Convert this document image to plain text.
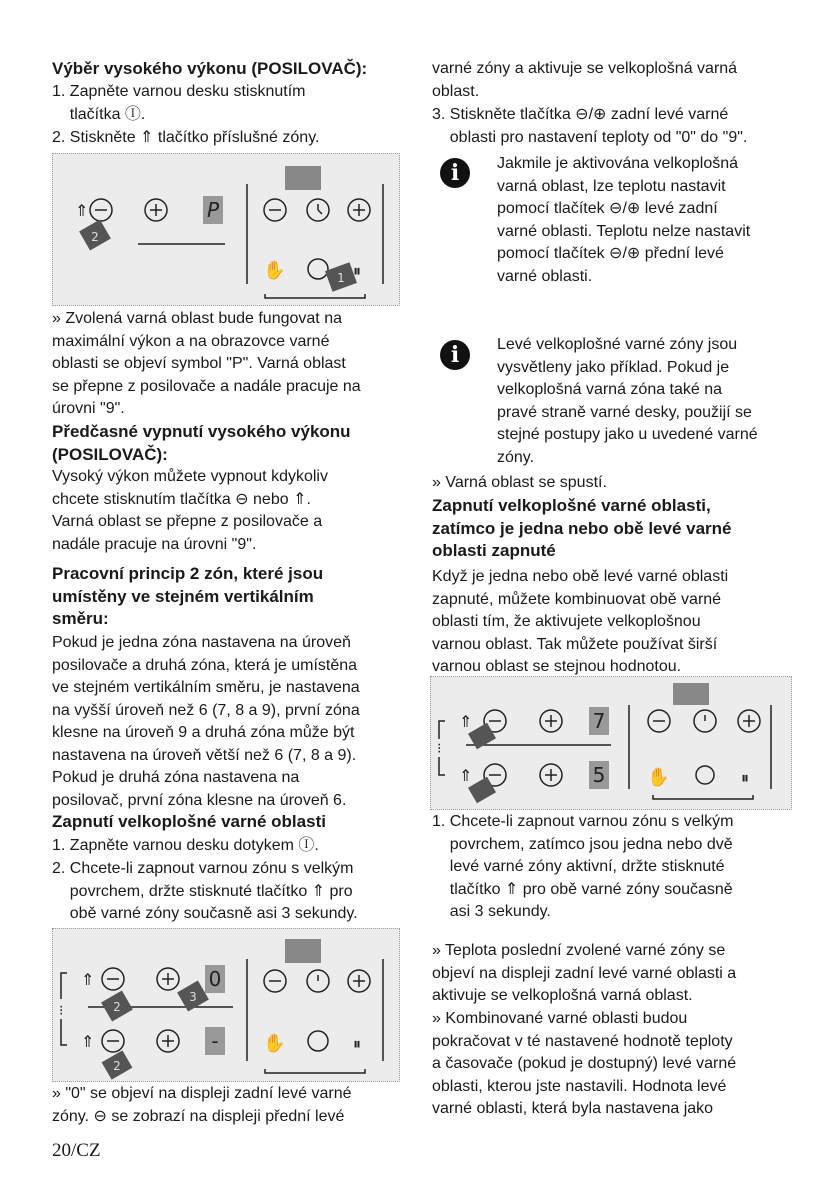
Výběr vysokého výkonu (POSILOVAČ):
1. Zapněte varnou desku stisknutím
tlačítka Ⓘ.
2. Stiskněte ⇑ tlačítko příslušné zóny.
P
⇑
✋	⏸
2
1
» Zvolená varná oblast bude fungovat na
maximální výkon a na obrazovce varné
oblasti se objeví symbol "P". Varná oblast
se přepne z posilovače a nadále pracuje na
úrovni "9".
Předčasné vypnutí vysokého výkonu
(POSILOVAČ):
Vysoký výkon můžete vypnout kdykoliv
chcete stisknutím tlačítka ⊖ nebo ⇑.
Varná oblast se přepne z posilovače a
nadále pracuje na úrovni "9".
Pracovní princip 2 zón, které jsou
umístěny ve stejném vertikálním
směru:
Pokud je jedna zóna nastavena na úroveň
posilovače a druhá zóna, která je umístěna
ve stejném vertikálním směru, je nastavena
na vyšší úroveň než 6 (7, 8 a 9), první zóna
klesne na úroveň 9 a druhá zóna může být
nastavena na úroveň větší než 6 (7, 8 a 9).
Pokud je druhá zóna nastavena na
posilovač, první zóna klesne na úroveň 6.
Zapnutí velkoplošné varné oblasti
1. Zapněte varnou desku dotykem Ⓘ.
2. Chcete-li zapnout varnou zónu s velkým
povrchem, držte stisknuté tlačítko ⇑ pro
obě varné zóny současně asi 3 sekundy.
0
-
⁝
⇑
⇑	✋	⏸
2
3
2
» "0" se objeví na displeji zadní levé varné
zóny. ⊖ se zobrazí na displeji přední levé
20/CZ
varné zóny a aktivuje se velkoplošná varná
oblast.
3. Stiskněte tlačítka ⊖/⊕ zadní levé varné
oblasti pro nastavení teploty od "0" do "9".
i	Jakmile je aktivována velkoplošná
varná oblast, lze teplotu nastavit
pomocí tlačítek ⊖/⊕ levé zadní
varné oblasti. Teplotu nelze nastavit
pomocí tlačítek ⊖/⊕ přední levé
varné oblasti.
i	Levé velkoplošné varné zóny jsou
vysvětleny jako příklad. Pokud je
velkoplošná varná zóna také na
pravé straně varné desky, použijí se
stejné postupy jako u uvedené varné
zóny.
» Varná oblast se spustí.
Zapnutí velkoplošné varné oblasti,
zatímco je jedna nebo obě levé varné
oblasti zapnuté
Když je jedna nebo obě levé varné oblasti
zapnuté, můžete kombinuovat obě varné
oblasti tím, že aktivujete velkoplošnou
varnou oblast. Tak můžete používat širší
varnou oblast se stejnou hodnotou.
7
5
⁝
⇑
⇑	✋	⏸
1. Chcete-li zapnout varnou zónu s velkým
povrchem, zatímco jsou jedna nebo dvě
levé varné zóny aktivní, držte stisknuté
tlačítko ⇑ pro obě varné zóny současně
asi 3 sekundy.
» Teplota poslední zvolené varné zóny se
objeví na displeji zadní levé varné oblasti a
aktivuje se velkoplošná varná oblast.
» Kombinované varné oblasti budou
pokračovat v té nastavené hodnotě teploty
a časovače (pokud je dostupný) levé varné
oblasti, kterou jste nastavili. Hodnota levé
varné oblasti, která byla nastavena jako
